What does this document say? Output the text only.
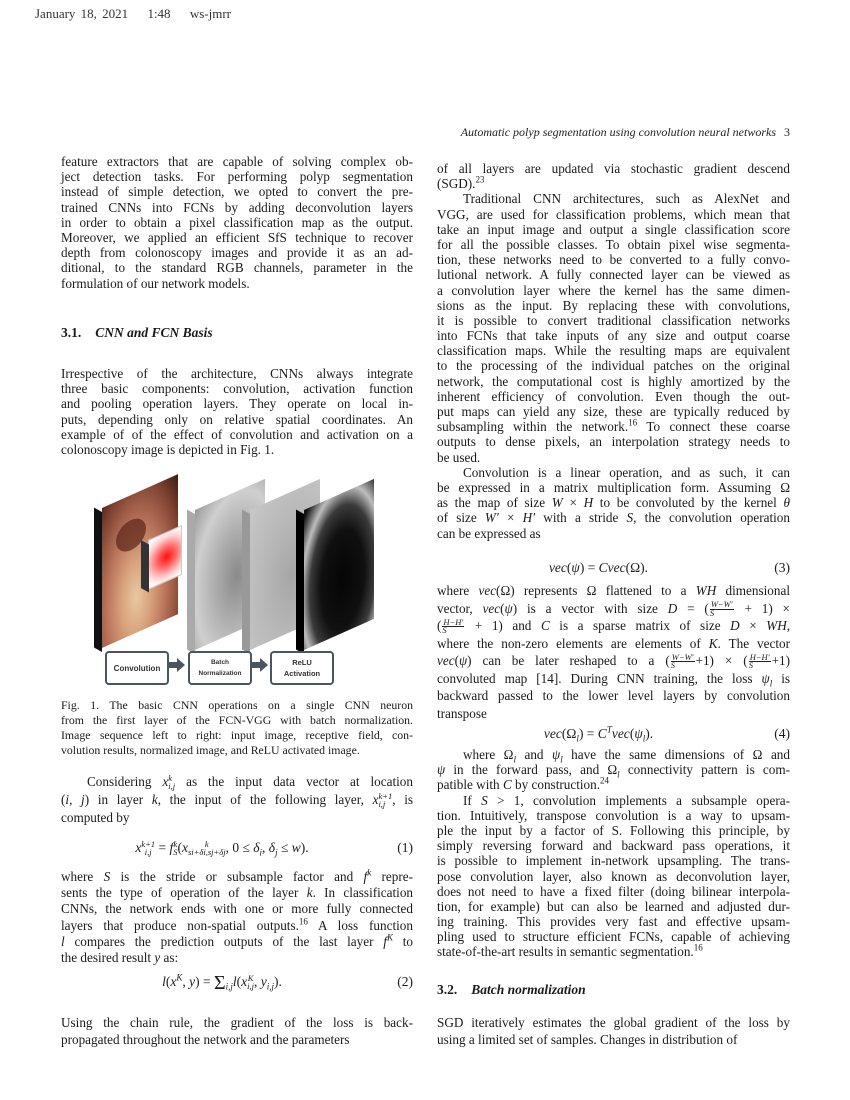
January 18, 2021 1:48 ws-jmrr
Automatic polyp segmentation using convolution neural networks 3
feature extractors that are capable of solving complex ob-
ject detection tasks. For performing polyp segmentation
instead of simple detection, we opted to convert the pre-
trained CNNs into FCNs by adding deconvolution layers
in order to obtain a pixel classification map as the output.
Moreover, we applied an efficient SfS technique to recover
depth from colonoscopy images and provide it as an ad-
ditional, to the standard RGB channels, parameter in the
formulation of our network models.
3.1. CNN and FCN Basis
Irrespective of the architecture, CNNs always integrate
three basic components: convolution, activation function
and pooling operation layers. They operate on local in-
puts, depending only on relative spatial coordinates. An
example of of the effect of convolution and activation on a
colonoscopy image is depicted in Fig. 1.
Convolution
Batch Normalization
ReLU Activation
Fig. 1. The basic CNN operations on a single CNN neuron
from the first layer of the FCN-VGG with batch normalization.
Image sequence left to right: input image, receptive field, con-
volution results, normalized image, and ReLU activated image.
Considering x k
i,j as the input data vector at location
(i, j) in layer k, the input of the following layer, x k+1
i,j , is
computed by
x k+1
i,j = f k
S (x	k
si+δi,sj+δj , $0 \le \delta_i$, $\delta_j \le w$).	(1)
where S is the stride or subsample factor and $f^k$ repre-
sents the type of operation of the layer k. In classification
CNNs, the network ends with one or more fully connected
layers that produce non-spatial outputs.$^{16}$ A loss function
l compares the prediction outputs of the last layer $f^K$ to
the desired result y as:
$l(x^K$, $y) = \Sigma_{i,j}l(x$ K
i,j , $y_{i,j}$).	(2)
Using the chain rule, the gradient of the loss is back-
propagated throughout the network and the parameters
of all layers are updated via stochastic gradient descend
(SGD).$^{23}$
Traditional CNN architectures, such as AlexNet and
VGG, are used for classification problems, which mean that
take an input image and output a single classification score
for all the possible classes. To obtain pixel wise segmenta-
tion, these networks need to be converted to a fully convo-
lutional network. A fully connected layer can be viewed as
a convolution layer where the kernel has the same dimen-
sions as the input. By replacing these with convolutions,
it is possible to convert traditional classification networks
into FCNs that take inputs of any size and output coarse
classification maps. While the resulting maps are equivalent
to the processing of the individual patches on the original
network, the computational cost is highly amortized by the
inherent efficiency of convolution. Even though the out-
put maps can yield any size, these are typically reduced by
subsampling within the network.$^{16}$ To connect these coarse
outputs to dense pixels, an interpolation strategy needs to
be used.
Convolution is a linear operation, and as such, it can
be expressed in a matrix multiplication form. Assuming Ω
as the map of size W × H to be convoluted by the kernel θ
of size W′ × H′ with a stride S, the convolution operation
can be expressed as
vec(ψ) = Cvec(Ω).	(3)
where vec(Ω) represents Ω flattened to a WH dimensional
vector, vec(ψ) is a vector with size D = ( $\frac{W-W'}{S} + 1$) ×
( $\frac{H-H'}{S} + 1$) and C is a sparse matrix of size D × WH,
where the non-zero elements are elements of K. The vector
vec(ψ) can be later reshaped to a ( $\frac{W-W'}{S} +1$) × ( $\frac{H-H'}{S} +1$)
convoluted map [14]. During CNN training, the loss $\psi_l$ is
backward passed to the lower level layers by convolution
transpose
$vec(\Omega_l) = C^Tvec(\psi_l)$.	(4)
where $\Omega_l$ and $\psi_l$ have the same dimensions of Ω and
ψ in the forward pass, and $\Omega_l$ connectivity pattern is com-
patible with C by construction.$^{24}$
If S > 1, convolution implements a subsample opera-
tion. Intuitively, transpose convolution is a way to upsam-
ple the input by a factor of S. Following this principle, by
simply reversing forward and backward pass operations, it
is possible to implement in-network upsampling. The trans-
pose convolution layer, also known as deconvolution layer,
does not need to have a fixed filter (doing bilinear interpola-
tion, for example) but can also be learned and adjusted dur-
ing training. This provides very fast and effective upsam-
pling used to structure efficient FCNs, capable of achieving
state-of-the-art results in semantic segmentation.$^{16}$
3.2. Batch normalization
SGD iteratively estimates the global gradient of the loss by
using a limited set of samples. Changes in distribution of
